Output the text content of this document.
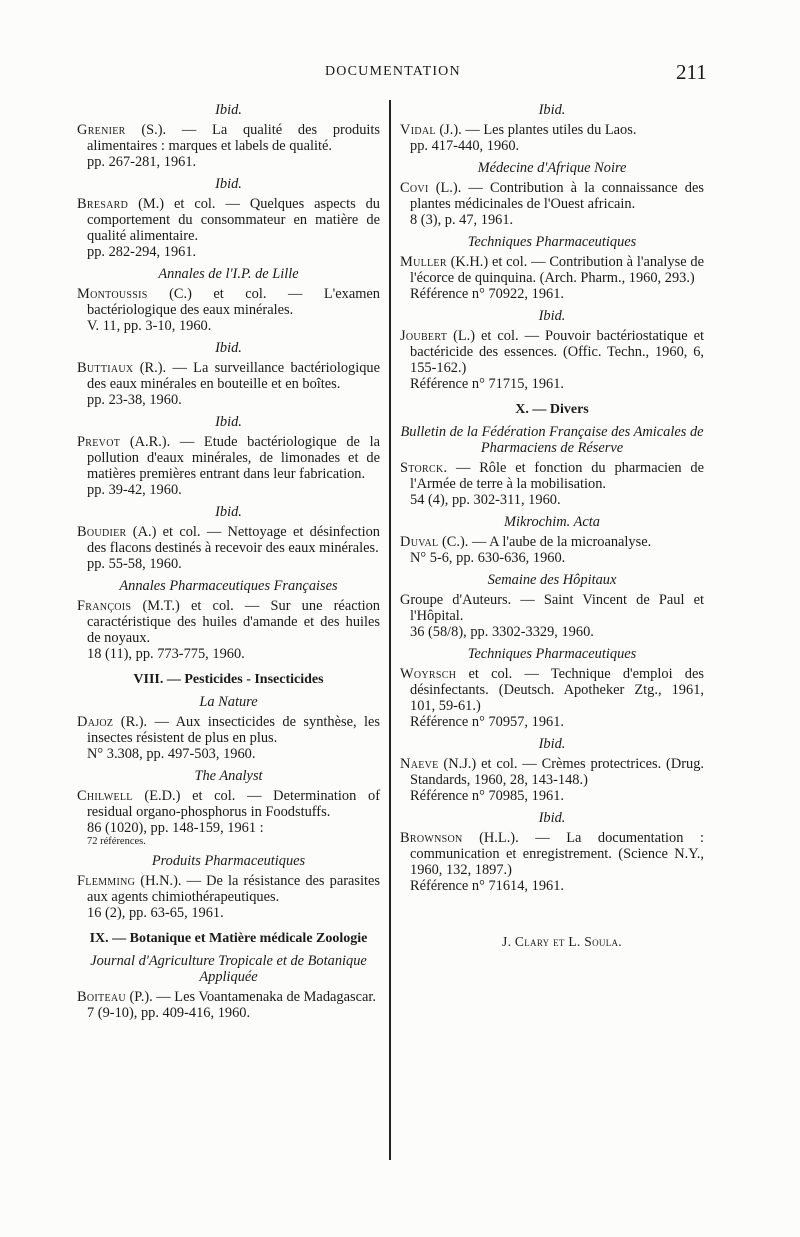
DOCUMENTATION	211
Ibid.
Grenier (S.). — La qualité des produits alimentaires : marques et labels de qualité.
pp. 267-281, 1961.
Ibid.
Bresard (M.) et col. — Quelques aspects du comportement du consommateur en matière de qualité alimentaire.
pp. 282-294, 1961.
Annales de l'I.P. de Lille
Montoussis (C.) et col. — L'examen bactériologique des eaux minérales.
V. 11, pp. 3-10, 1960.
Ibid.
Buttiaux (R.). — La surveillance bactériologique des eaux minérales en bouteille et en boîtes.
pp. 23-38, 1960.
Ibid.
Prevot (A.R.). — Etude bactériologique de la pollution d'eaux minérales, de limonades et de matières premières entrant dans leur fabrication.
pp. 39-42, 1960.
Ibid.
Boudier (A.) et col. — Nettoyage et désinfection des flacons destinés à recevoir des eaux minérales.
pp. 55-58, 1960.
Annales Pharmaceutiques Françaises
François (M.T.) et col. — Sur une réaction caractéristique des huiles d'amande et des huiles de noyaux.
18 (11), pp. 773-775, 1960.
VIII. — Pesticides - Insecticides
La Nature
Dajoz (R.). — Aux insecticides de synthèse, les insectes résistent de plus en plus.
N° 3.308, pp. 497-503, 1960.
The Analyst
Chilwell (E.D.) et col. — Determination of residual organo-phosphorus in Foodstuffs.
86 (1020), pp. 148-159, 1961 :
72 références.
Produits Pharmaceutiques
Flemming (H.N.). — De la résistance des parasites aux agents chimiothérapeutiques.
16 (2), pp. 63-65, 1961.
IX. — Botanique et Matière médicale Zoologie
Journal d'Agriculture Tropicale et de Botanique Appliquée
Boiteau (P.). — Les Voantamenaka de Madagascar.
7 (9-10), pp. 409-416, 1960.
Ibid.
Vidal (J.). — Les plantes utiles du Laos.
pp. 417-440, 1960.
Médecine d'Afrique Noire
Covi (L.). — Contribution à la connaissance des plantes médicinales de l'Ouest africain.
8 (3), p. 47, 1961.
Techniques Pharmaceutiques
Muller (K.H.) et col. — Contribution à l'analyse de l'écorce de quinquina. (Arch. Pharm., 1960, 293.)
Référence n° 70922, 1961.
Ibid.
Joubert (L.) et col. — Pouvoir bactériostatique et bactéricide des essences. (Offic. Techn., 1960, 6, 155-162.)
Référence n° 71715, 1961.
X. — Divers
Bulletin de la Fédération Française des Amicales de Pharmaciens de Réserve
Storck. — Rôle et fonction du pharmacien de l'Armée de terre à la mobilisation.
54 (4), pp. 302-311, 1960.
Mikrochim. Acta
Duval (C.). — A l'aube de la microanalyse.
N° 5-6, pp. 630-636, 1960.
Semaine des Hôpitaux
Groupe d'Auteurs. — Saint Vincent de Paul et l'Hôpital.
36 (58/8), pp. 3302-3329, 1960.
Techniques Pharmaceutiques
Woyrsch et col. — Technique d'emploi des désinfectants. (Deutsch. Apotheker Ztg., 1961, 101, 59-61.)
Référence n° 70957, 1961.
Ibid.
Naeve (N.J.) et col. — Crèmes protectrices. (Drug. Standards, 1960, 28, 143-148.)
Référence n° 70985, 1961.
Ibid.
Brownson (H.L.). — La documentation : communication et enregistrement. (Science N.Y., 1960, 132, 1897.)
Référence n° 71614, 1961.
J. Clary et L. Soula.
